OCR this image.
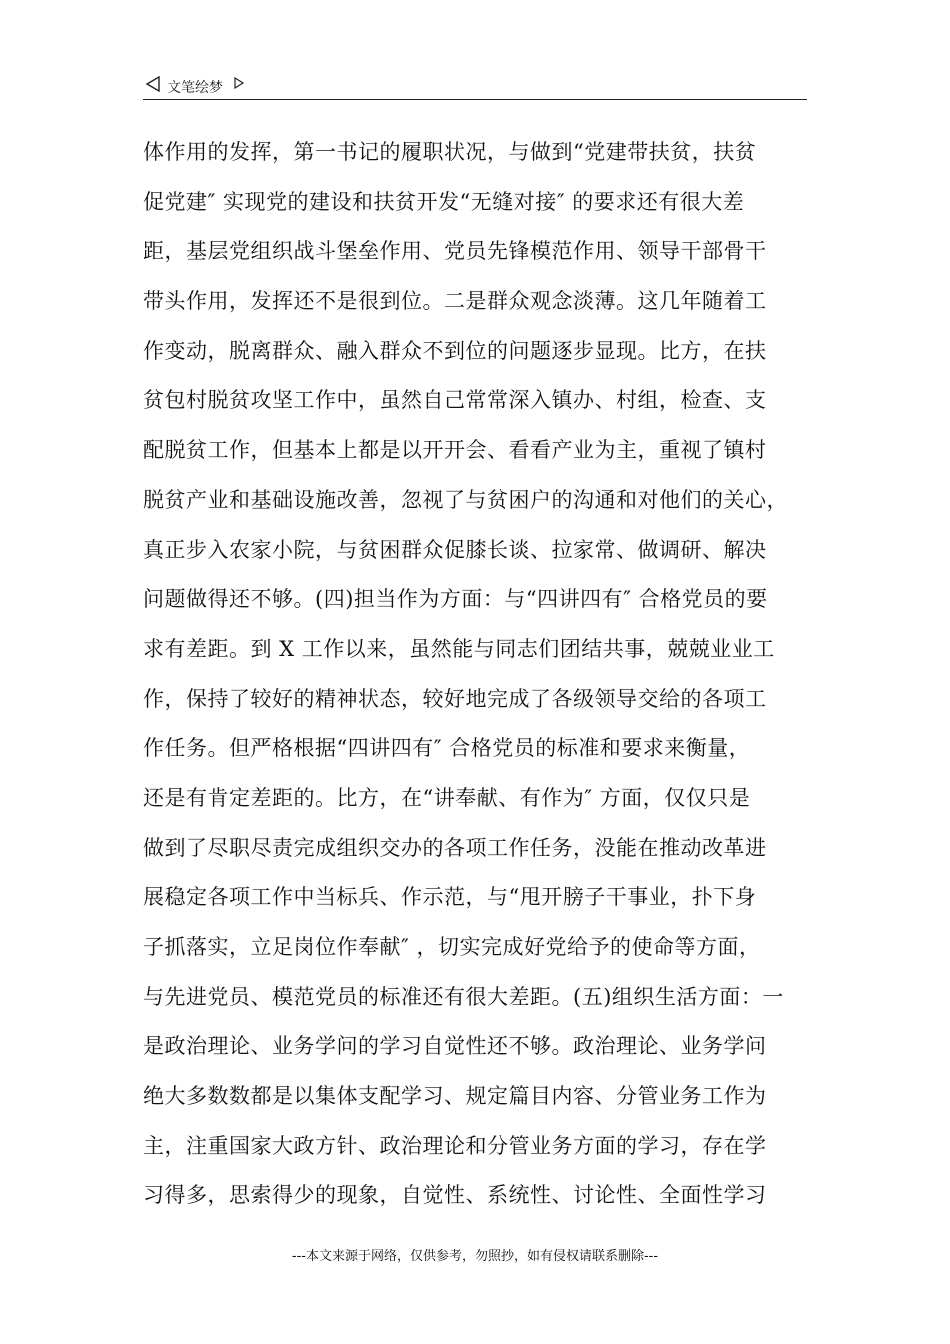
文笔绘梦
体作用的发挥，第一书记的履职状况，与做到“党建带扶贫，扶贫
促党建″ 实现党的建设和扶贫开发“无缝对接″ 的要求还有很大差
距，基层党组织战斗堡垒作用、党员先锋模范作用、领导干部骨干
带头作用，发挥还不是很到位。二是群众观念淡薄。这几年随着工
作变动，脱离群众、融入群众不到位的问题逐步显现。比方，在扶
贫包村脱贫攻坚工作中，虽然自己常常深入镇办、村组，检查、支
配脱贫工作，但基本上都是以开开会、看看产业为主，重视了镇村
脱贫产业和基础设施改善，忽视了与贫困户的沟通和对他们的关心，
真正步入农家小院，与贫困群众促膝长谈、拉家常、做调研、解决
问题做得还不够。(四)担当作为方面：与“四讲四有″ 合格党员的要
求有差距。到 X 工作以来，虽然能与同志们团结共事，兢兢业业工
作，保持了较好的精神状态，较好地完成了各级领导交给的各项工
作任务。但严格根据“四讲四有″ 合格党员的标准和要求来衡量，
还是有肯定差距的。比方，在“讲奉献、有作为″ 方面，仅仅只是
做到了尽职尽责完成组织交办的各项工作任务，没能在推动改革进
展稳定各项工作中当标兵、作示范，与“甩开膀子干事业，扑下身
子抓落实，立足岗位作奉献″ ，切实完成好党给予的使命等方面，
与先进党员、模范党员的标准还有很大差距。(五)组织生活方面：一
是政治理论、业务学问的学习自觉性还不够。政治理论、业务学问
绝大多数数都是以集体支配学习、规定篇目内容、分管业务工作为
主，注重国家大政方针、政治理论和分管业务方面的学习，存在学
习得多，思索得少的现象，自觉性、系统性、讨论性、全面性学习
---本文来源于网络，仅供参考，勿照抄，如有侵权请联系删除---
